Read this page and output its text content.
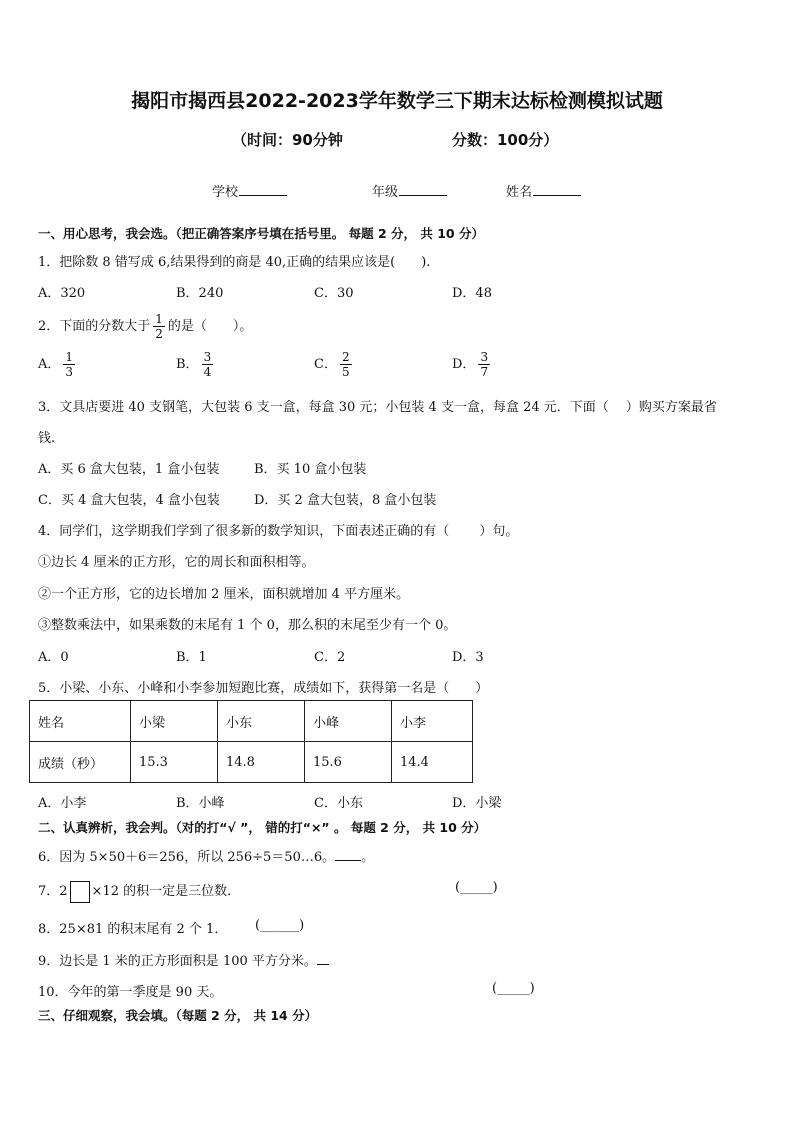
揭阳市揭西县2022-2023学年数学三下期末达标检测模拟试题
（时间：90分钟	分数：100分）
学校	年级	姓名
一、用心思考，我会选。（把正确答案序号填在括号里。 每题 2 分， 共 10 分）
1．把除数 8 错写成 6,结果得到的商是 40,正确的结果应该是(　　).
A．320	B．240	C．30	D．48
2．下面的分数大于 $\frac{1}{2}$ 的是（　　）。
A． $\frac{1}{3}$	B． $\frac{3}{4}$	C． $\frac{2}{5}$	D． $\frac{3}{7}$
3．文具店要进 40 支钢笔，大包装 6 支一盒，每盒 30 元；小包装 4 支一盒，每盒 24 元．下面（　 ）购买方案最省
钱.
A．买 6 盒大包装，1 盒小包装	B．买 10 盒小包装
C．买 4 盒大包装，4 盒小包装	D．买 2 盒大包装，8 盒小包装
4．同学们，这学期我们学到了很多新的数学知识，下面表述正确的有（　　 ）句。
①边长 4 厘米的正方形，它的周长和面积相等。
②一个正方形，它的边长增加 2 厘米，面积就增加 4 平方厘米。
③整数乘法中，如果乘数的末尾有 1 个 0，那么积的末尾至少有一个 0。
A．0	B．1	C．2	D．3
5．小梁、小东、小峰和小李参加短跑比赛，成绩如下，获得第一名是（　　）
姓名	小梁	小东	小峰	小李
成绩（秒）	15.3	14.8	15.6	14.4
A．小李	B．小峰	C．小东	D．小梁
二、认真辨析，我会判。（对的打“√ ”， 错的打“×” 。 每题 2 分， 共 10 分）
6．因为 5×50＋6＝256，所以 256÷5＝50…6。 。
7．2 ×12 的积一定是三位数．	(_____)
8．25×81 的积末尾有 2 个 1． (______)
9．边长是 1 米的正方形面积是 100 平方分米。
10．今年的第一季度是 90 天。	(_____)
三、仔细观察，我会填。（每题 2 分， 共 14 分）
